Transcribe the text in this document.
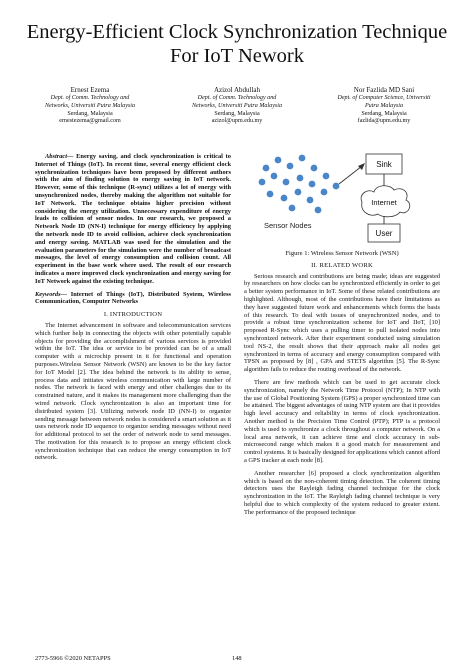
Energy-Efficient Clock Synchronization Technique For IoT Nework
Ernest Ezema
Dept. of Comm. Technology and
Networks, Universiti Putra Malaysia
Serdang, Malaysia
ernestezema@gmail.com
Azizol Abdullah
Dept. of Comm. Technology and
Networks, Universiti Putra Malaysia
Serdang, Malaysia
azizol@upm.edu.my
Nor Fazlida MD Sani
Dept. of Computer Science, Universiti
Putra Malaysia
Serdang, Malaysia
fazlida@upm.edu.my

Abstract— Energy saving, and clock synchronization is critical to Internet of Things (IoT). In recent time, several energy efficient clock synchronization techniques have been proposed by different authors with the aim of finding solution to energy saving in IoT network. However, some of this technique (R-sync) utilizes a lot of energy with unsynchronized nodes, thereby making the algorithm not suitable for IoT Network. The technique obtains higher precision without considering the energy utilization. Unnecessary expenditure of energy leads to collision of sensor nodes. In our research, we proposed a Network Node ID (NN-I) technique for energy efficiency by applying the network node ID to avoid collision, achieve clock synchronization and energy saving. MATLAB was used for the simulation and the evaluation parameters for the simulation were the number of broadcast messages, the level of energy consumption and collision count. All experiment in the base work where used. The result of our research indicates a more improved clock synchronization and energy saving for IoT Network against the existing technique.

Keywords— Internet of Things (IoT), Distributed System, Wireless Communication, Computer Networks

I. INTRODUCTION

The Internet advancement in software and telecommunication services which further help in connecting the objects with other potentially capable objects for providing the accomplishment of various services is provided within the IoT. The idea or service to be provided can be of a small computer with a microchip present in it for functional and operation purposes.Wireless Sensor Network (WSN) are known to be the key factor for IoT Model [2]. The idea behind the network is its ability to sense, process data and initiates wireless communication with large number of nodes. The network is faced with energy and other challenges due to its constrained nature, and it makes its management more challenging than the wired network. Clock synchronization is also an important time for distributed system [3]. Utilizing network node ID (NN-I) to organize sending message between network nodes is considered a smart solution as it uses network node ID sequence to organize sending messages without need for additional protocol to set the order of network node to send messages. The motivation for this research is to propose an energy efficient clock synchronization technique that can reduce the energy consumption in IoT network.

Sensor Nodes
Sink
Internet
User
Figure 1: Wireless Sensor Network (WSN)
II. RELATED WORK

Serious research and contributions are being made; ideas are suggested by researchers on how clocks can be synchronized efficiently in order to get a better system performance in IoT. Some of these related contributions are highlighted. Although, most of the contributions have their limitations as they have suggested future work and enhancements which forms the basis of this research. To deal with issues of unsynchronized nodes, and to provide a robust time synchronization scheme for IoT and IIoT, [10] proposed R-Sync which uses a pulling timer to pull isolated nodes into synchronized network. After their experiment conducted using simulation tool NS-2, the result shows that their approach make all nodes get synchronized in terms of accuracy and energy consumption compared with TPSN as proposed by [8] , GPA and STETS algorithm [5]. The R-Sync algorithm fails to reduce the routing overhead of the network.

There are few methods which can be used to get accurate clock synchronization, namely the Network Time Protocol (NTP); In NTP with the use of Global Positioning System (GPS) a proper synchronized time can be attained. The biggest advantages of using NTP system are that it provides high level accuracy and reliability in terms of clock synchronization. Another method is the Precision Time Control (PTP); PTP is a protocol which is used to synchronize a clock throughout a computer network. On a local area network, it can achieve time and clock accuracy in sub-microsecond range which makes it a good match for measurement and control systems. It is basically designed for applications which cannot afford a GPS tracker at each node [8].

Another researcher [6] proposed a clock synchronization algorithm which is based on the non-coherent timing detection. The coherent timing detectors uses the Rayleigh fading channel technique for the clock synchronization in the IoT. The Rayleigh fading channel technique is very helpful due to which complexity of the system reduced to greater extent. The performance of the proposed technique

2773-5966 ©2020 NETAPPS	148
